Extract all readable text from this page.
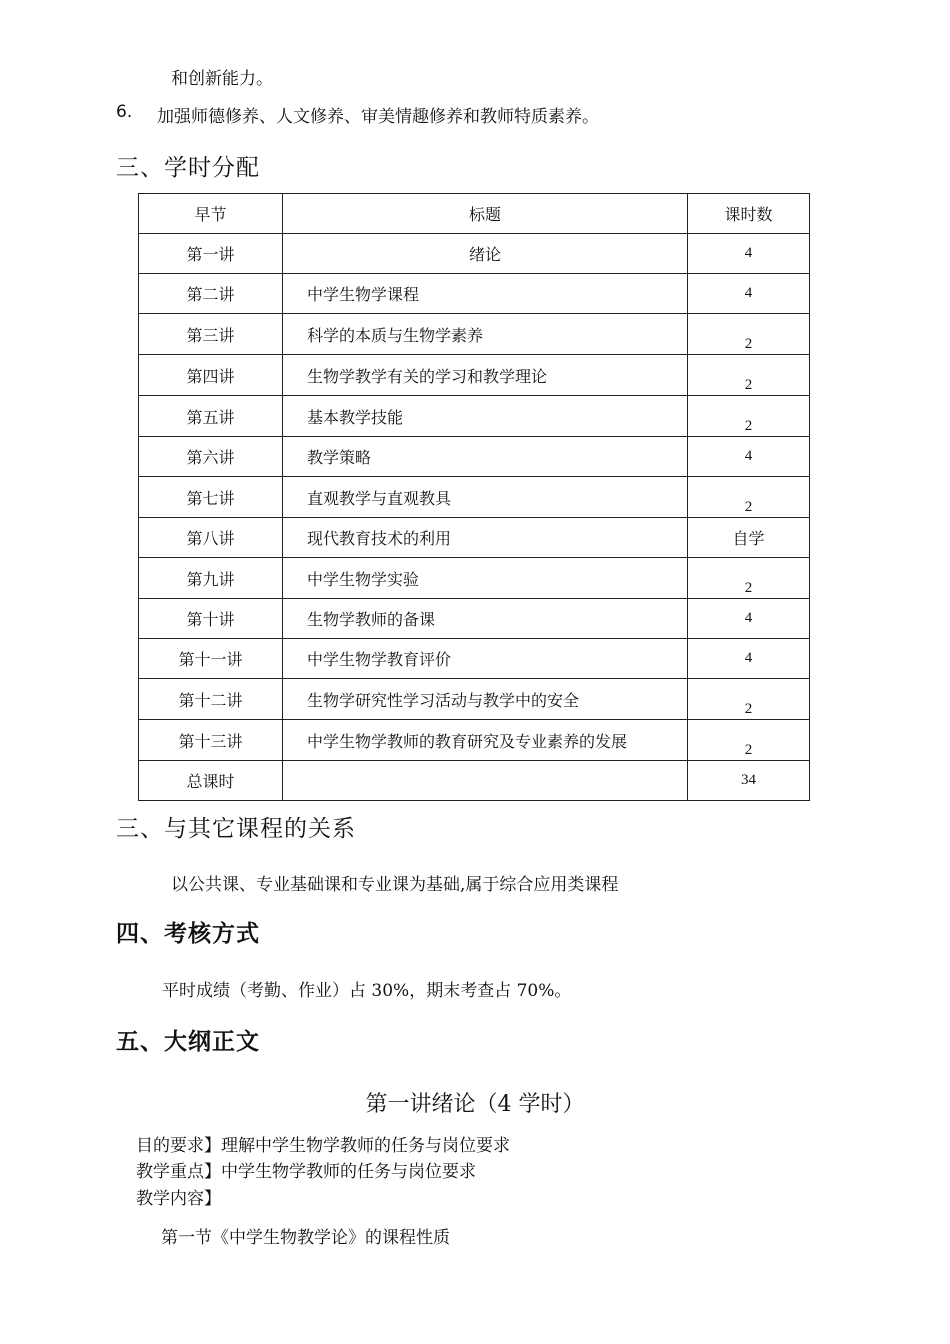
和创新能力。
6. 加强师德修养、人文修养、审美情趣修养和教师特质素养。
三、学时分配
早节	标题	课时数
第一讲	绪论	4
第二讲	中学生物学课程	4
第三讲	科学的本质与生物学素养	2
第四讲	生物学教学有关的学习和教学理论	2
第五讲	基本教学技能	2
第六讲	教学策略	4
第七讲	直观教学与直观教具	2
第八讲	现代教育技术的利用	自学
第九讲	中学生物学实验	2
第十讲	生物学教师的备课	4
第十一讲	中学生物学教育评价	4
第十二讲	生物学研究性学习活动与教学中的安全	2
第十三讲	中学生物学教师的教育研究及专业素养的发展	2
总课时		34
三、与其它课程的关系
以公共课、专业基础课和专业课为基础,属于综合应用类课程
四、考核方式
平时成绩（考勤、作业）占 30%，期末考查占 70%。
五、大纲正文
第一讲绪论（4 学时）
目的要求】理解中学生物学教师的任务与岗位要求
教学重点】中学生物学教师的任务与岗位要求
教学内容】
第一节《中学生物教学论》的课程性质
